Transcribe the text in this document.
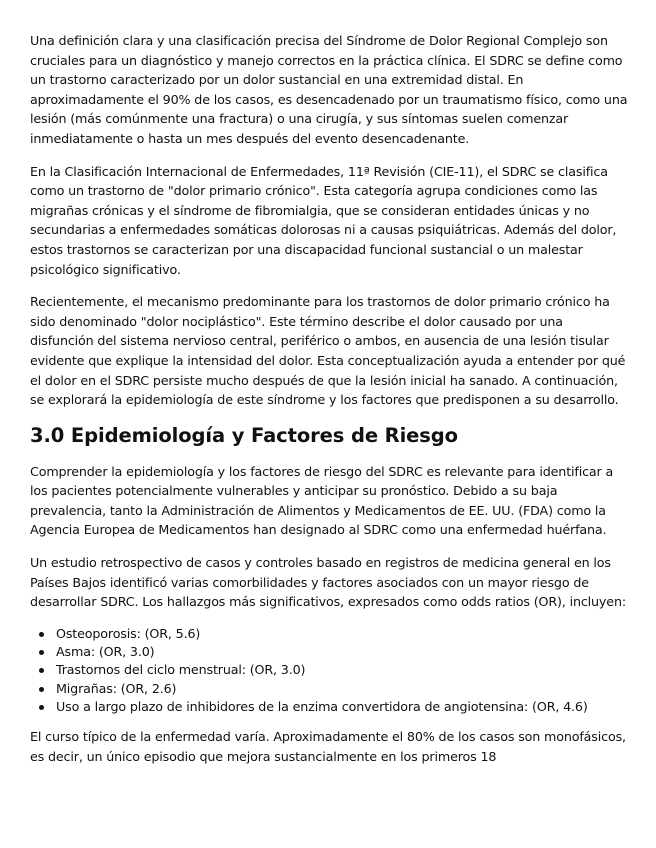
Una definición clara y una clasificación precisa del Síndrome de Dolor Regional Complejo son cruciales para un diagnóstico y manejo correctos en la práctica clínica. El SDRC se define como un trastorno caracterizado por un dolor sustancial en una extremidad distal. En aproximadamente el 90% de los casos, es desencadenado por un traumatismo físico, como una lesión (más comúnmente una fractura) o una cirugía, y sus síntomas suelen comenzar inmediatamente o hasta un mes después del evento desencadenante.

En la Clasificación Internacional de Enfermedades, 11ª Revisión (CIE-11), el SDRC se clasifica como un trastorno de "dolor primario crónico". Esta categoría agrupa condiciones como las migrañas crónicas y el síndrome de fibromialgia, que se consideran entidades únicas y no secundarias a enfermedades somáticas dolorosas ni a causas psiquiátricas. Además del dolor, estos trastornos se caracterizan por una discapacidad funcional sustancial o un malestar psicológico significativo.

Recientemente, el mecanismo predominante para los trastornos de dolor primario crónico ha sido denominado "dolor nociplástico". Este término describe el dolor causado por una disfunción del sistema nervioso central, periférico o ambos, en ausencia de una lesión tisular evidente que explique la intensidad del dolor. Esta conceptualización ayuda a entender por qué el dolor en el SDRC persiste mucho después de que la lesión inicial ha sanado. A continuación, se explorará la epidemiología de este síndrome y los factores que predisponen a su desarrollo.

3.0 Epidemiología y Factores de Riesgo

Comprender la epidemiología y los factores de riesgo del SDRC es relevante para identificar a los pacientes potencialmente vulnerables y anticipar su pronóstico. Debido a su baja prevalencia, tanto la Administración de Alimentos y Medicamentos de EE. UU. (FDA) como la Agencia Europea de Medicamentos han designado al SDRC como una enfermedad huérfana.

Un estudio retrospectivo de casos y controles basado en registros de medicina general en los Países Bajos identificó varias comorbilidades y factores asociados con un mayor riesgo de desarrollar SDRC. Los hallazgos más significativos, expresados como odds ratios (OR), incluyen:

Osteoporosis: (OR, 5.6)
Asma: (OR, 3.0)
Trastornos del ciclo menstrual: (OR, 3.0)
Migrañas: (OR, 2.6)
Uso a largo plazo de inhibidores de la enzima convertidora de angiotensina: (OR, 4.6)

El curso típico de la enfermedad varía. Aproximadamente el 80% de los casos son monofásicos, es decir, un único episodio que mejora sustancialmente en los primeros 18
